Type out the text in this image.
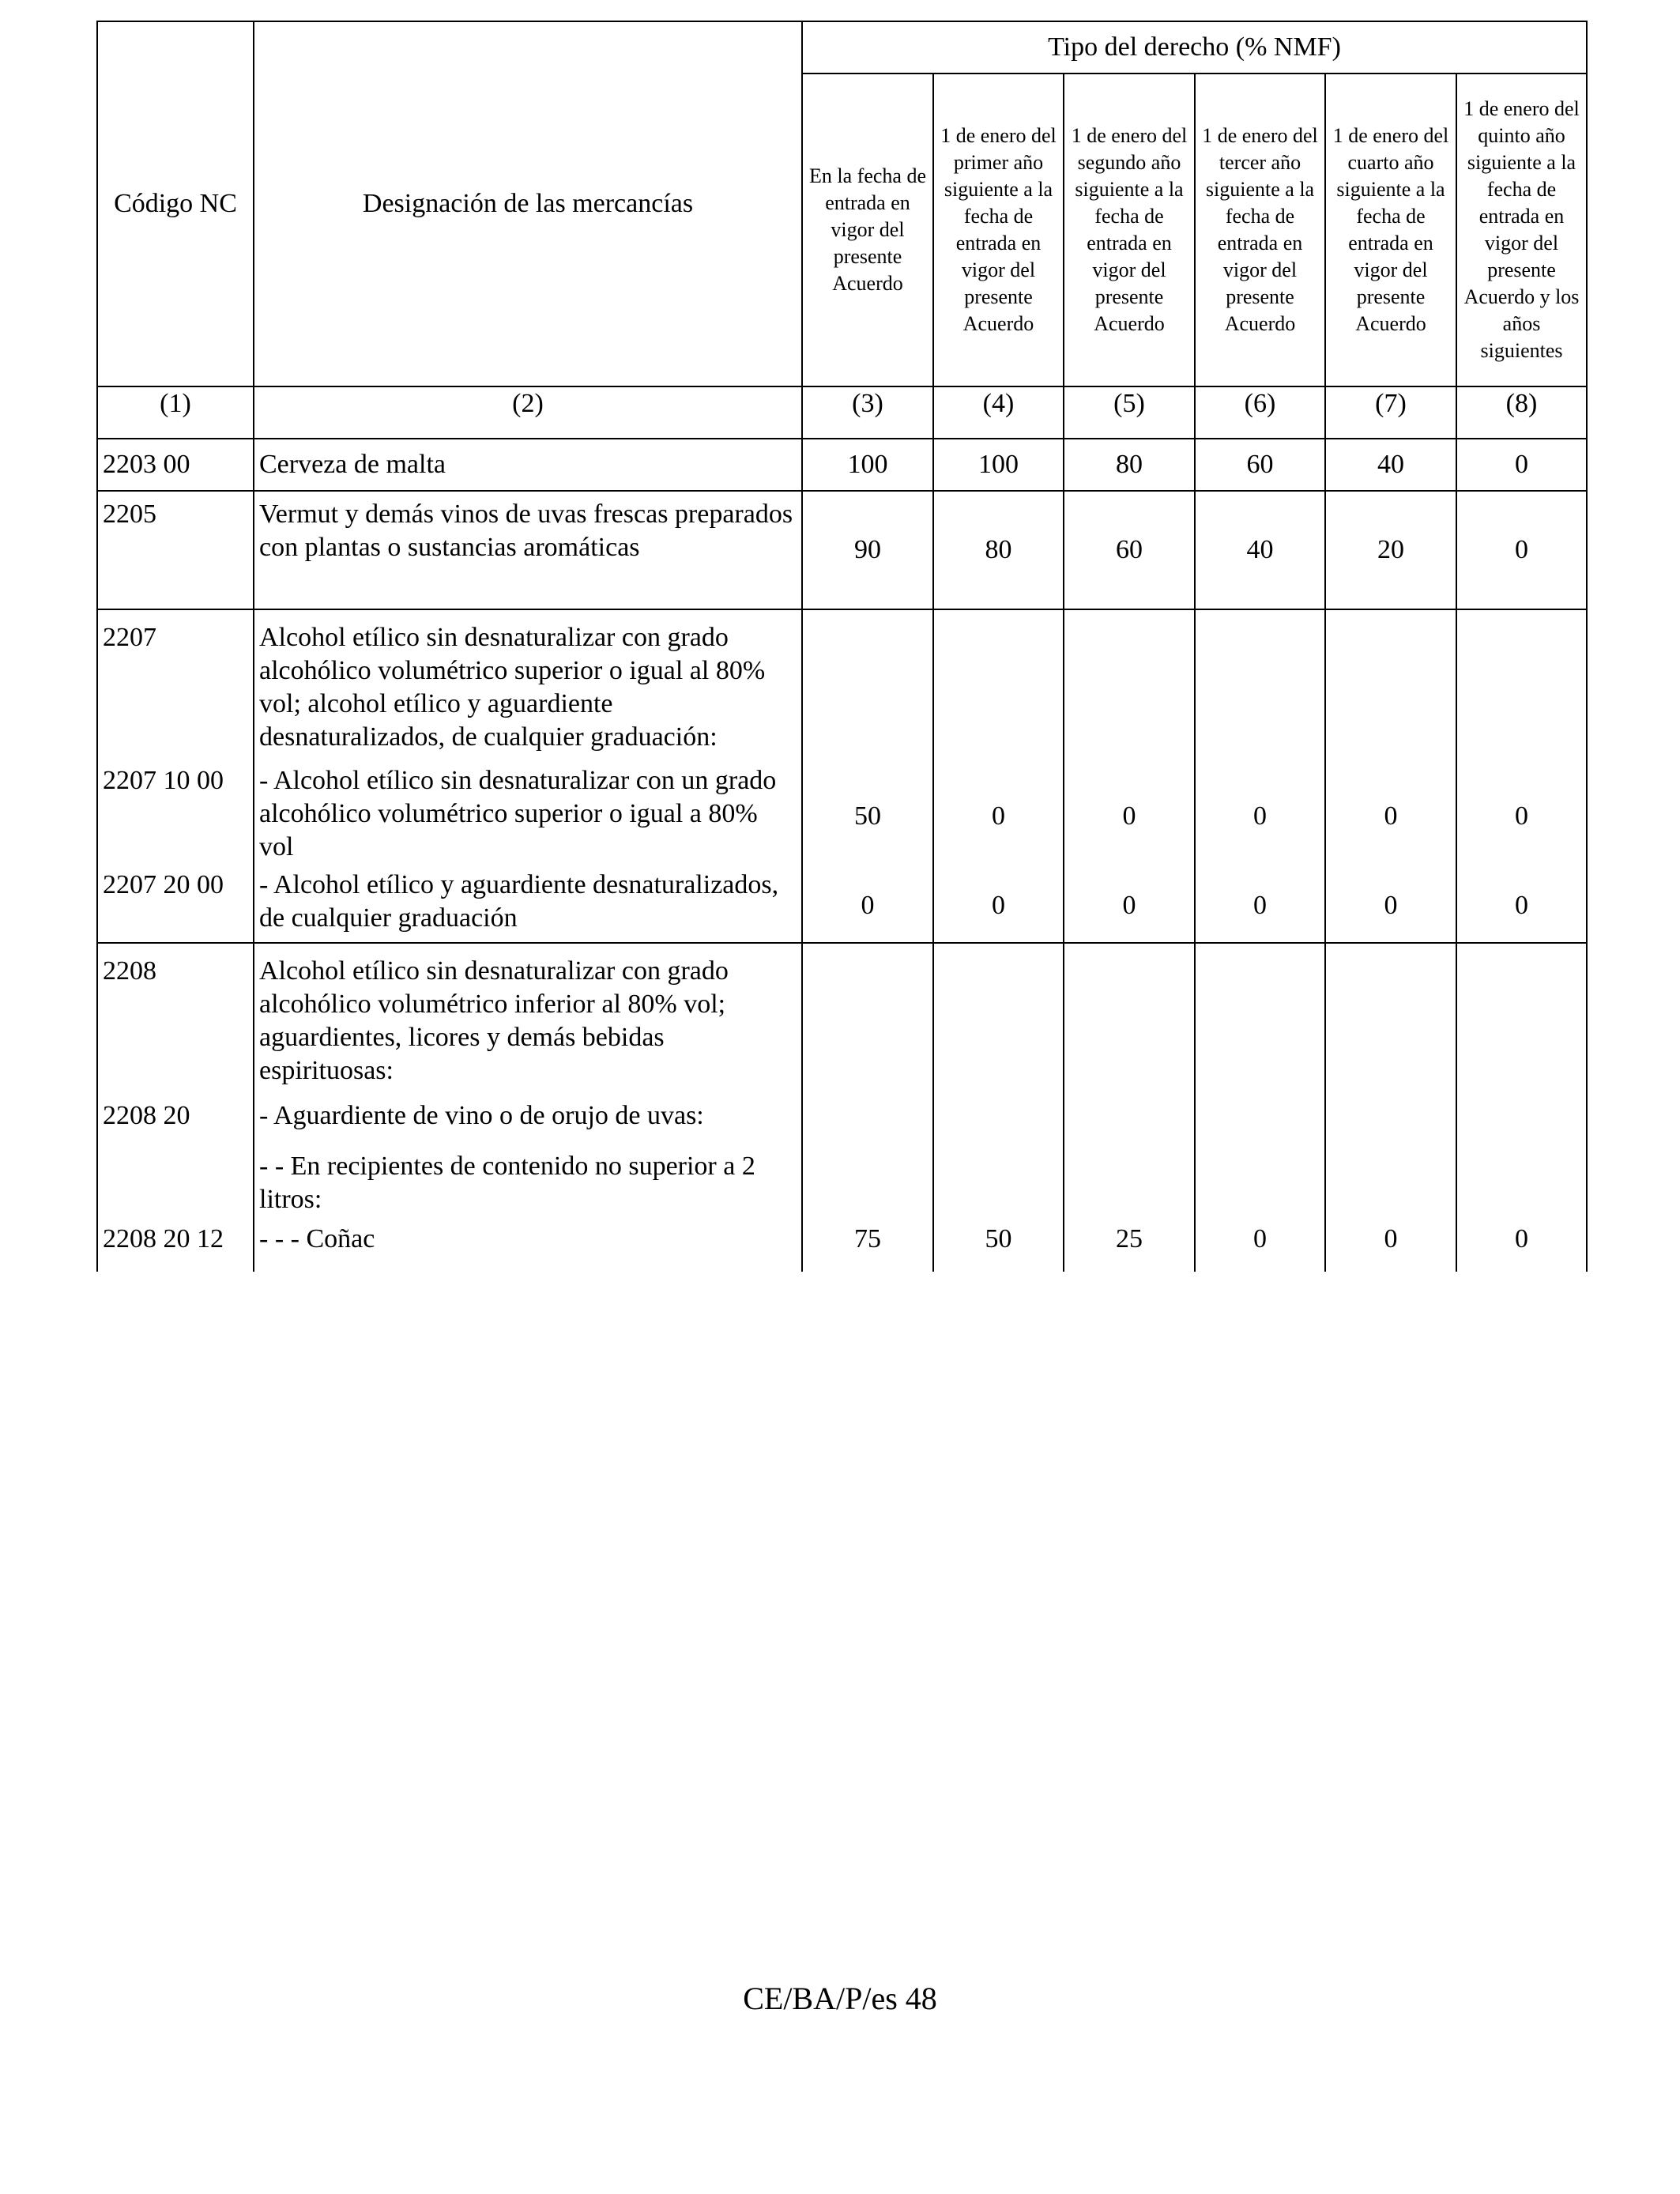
Código NC	Designación de las mercancías	Tipo del derecho (% NMF)					
		En la fecha de entrada en vigor del presente Acuerdo	1 de enero del primer año siguiente a la fecha de entrada en vigor del presente Acuerdo	1 de enero del segundo año siguiente a la fecha de entrada en vigor del presente Acuerdo	1 de enero del tercer año siguiente a la fecha de entrada en vigor del presente Acuerdo	1 de enero del cuarto año siguiente a la fecha de entrada en vigor del presente Acuerdo	1 de enero del quinto año siguiente a la fecha de entrada en vigor del presente Acuerdo y los años siguientes
(1)	(2)	(3)	(4)	(5)	(6)	(7)	(8)
2203 00	Cerveza de malta	100	100	80	60	40	0
2205	Vermut y demás vinos de uvas frescas preparados con plantas o sustancias aromáticas	90	80	60	40	20	0
2207	Alcohol etílico sin desnaturalizar con grado alcohólico volumétrico superior o igual al 80% vol; alcohol etílico y aguardiente desnaturalizados, de cualquier graduación:						
2207 10 00	- Alcohol etílico sin desnaturalizar con un grado alcohólico volumétrico superior o igual a 80% vol	50	0	0	0	0	0
2207 20 00	- Alcohol etílico y aguardiente desnaturalizados, de cualquier graduación	0	0	0	0	0	0
2208	Alcohol etílico sin desnaturalizar con grado alcohólico volumétrico inferior al 80% vol; aguardientes, licores y demás bebidas espirituosas:						
2208 20	- Aguardiente de vino o de orujo de uvas:						
	- - En recipientes de contenido no superior a 2 litros:						
2208 20 12	- - - Coñac	75	50	25	0	0	0
CE/BA/P/es 48
